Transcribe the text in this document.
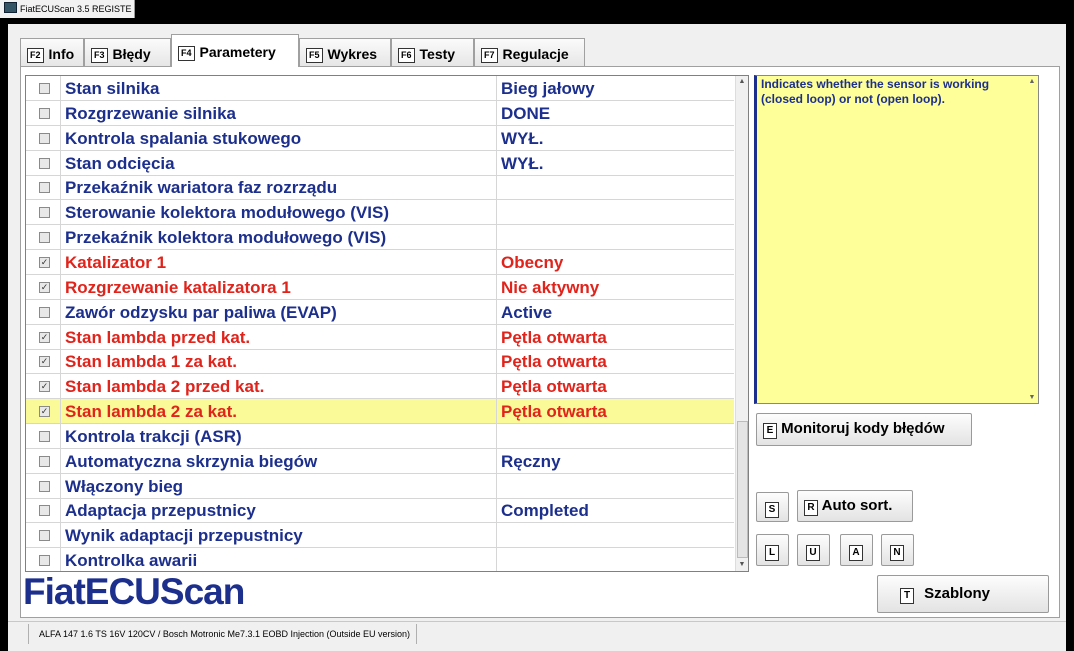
FiatECUScan 3.5 REGISTE
F2 Info	F3 Błędy	F4 Parametery	F5 Wykres	F6 Testy	F7 Regulacje
Stan silnika	Bieg jałowy
Rozgrzewanie silnika	DONE
Kontrola spalania stukowego	WYŁ.
Stan odcięcia	WYŁ.
Przekaźnik wariatora faz rozrządu
Sterowanie kolektora modułowego (VIS)
Przekaźnik kolektora modułowego (VIS)
✓ Katalizator 1	Obecny
✓ Rozgrzewanie katalizatora 1	Nie aktywny
Zawór odzysku par paliwa (EVAP)	Active
✓ Stan lambda przed kat.	Pętla otwarta
✓ Stan lambda 1 za kat.	Pętla otwarta
✓ Stan lambda 2 przed kat.	Pętla otwarta
✓ Stan lambda 2 za kat.	Pętla otwarta
Kontrola trakcji (ASR)
Automatyczna skrzynia biegów	Ręczny
Włączony bieg
Adaptacja przepustnicy	Completed
Wynik adaptacji przepustnicy
Kontrolka awarii
▲
▼
Indicates whether the sensor is working (closed loop) or not (open loop).
▲
▼
E Monitoruj kody błędów
S	R Auto sort.
L	U	A	N
T Szablony
FiatECUScan
ALFA 147 1.6 TS 16V 120CV / Bosch Motronic Me7.3.1 EOBD Injection (Outside EU version)
